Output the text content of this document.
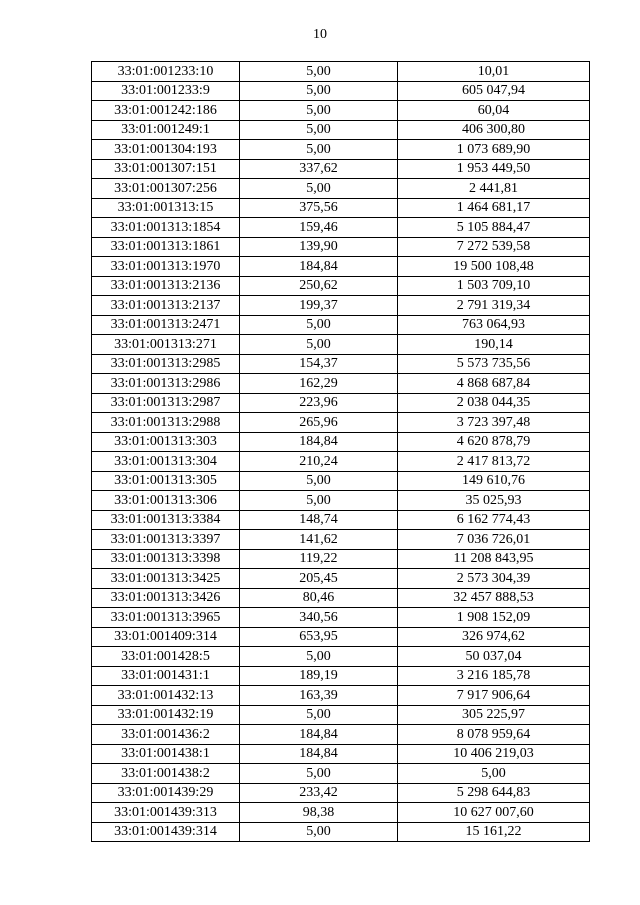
10
33:01:001233:10	5,00	10,01
33:01:001233:9	5,00	605 047,94
33:01:001242:186	5,00	60,04
33:01:001249:1	5,00	406 300,80
33:01:001304:193	5,00	1 073 689,90
33:01:001307:151	337,62	1 953 449,50
33:01:001307:256	5,00	2 441,81
33:01:001313:15	375,56	1 464 681,17
33:01:001313:1854	159,46	5 105 884,47
33:01:001313:1861	139,90	7 272 539,58
33:01:001313:1970	184,84	19 500 108,48
33:01:001313:2136	250,62	1 503 709,10
33:01:001313:2137	199,37	2 791 319,34
33:01:001313:2471	5,00	763 064,93
33:01:001313:271	5,00	190,14
33:01:001313:2985	154,37	5 573 735,56
33:01:001313:2986	162,29	4 868 687,84
33:01:001313:2987	223,96	2 038 044,35
33:01:001313:2988	265,96	3 723 397,48
33:01:001313:303	184,84	4 620 878,79
33:01:001313:304	210,24	2 417 813,72
33:01:001313:305	5,00	149 610,76
33:01:001313:306	5,00	35 025,93
33:01:001313:3384	148,74	6 162 774,43
33:01:001313:3397	141,62	7 036 726,01
33:01:001313:3398	119,22	11 208 843,95
33:01:001313:3425	205,45	2 573 304,39
33:01:001313:3426	80,46	32 457 888,53
33:01:001313:3965	340,56	1 908 152,09
33:01:001409:314	653,95	326 974,62
33:01:001428:5	5,00	50 037,04
33:01:001431:1	189,19	3 216 185,78
33:01:001432:13	163,39	7 917 906,64
33:01:001432:19	5,00	305 225,97
33:01:001436:2	184,84	8 078 959,64
33:01:001438:1	184,84	10 406 219,03
33:01:001438:2	5,00	5,00
33:01:001439:29	233,42	5 298 644,83
33:01:001439:313	98,38	10 627 007,60
33:01:001439:314	5,00	15 161,22
